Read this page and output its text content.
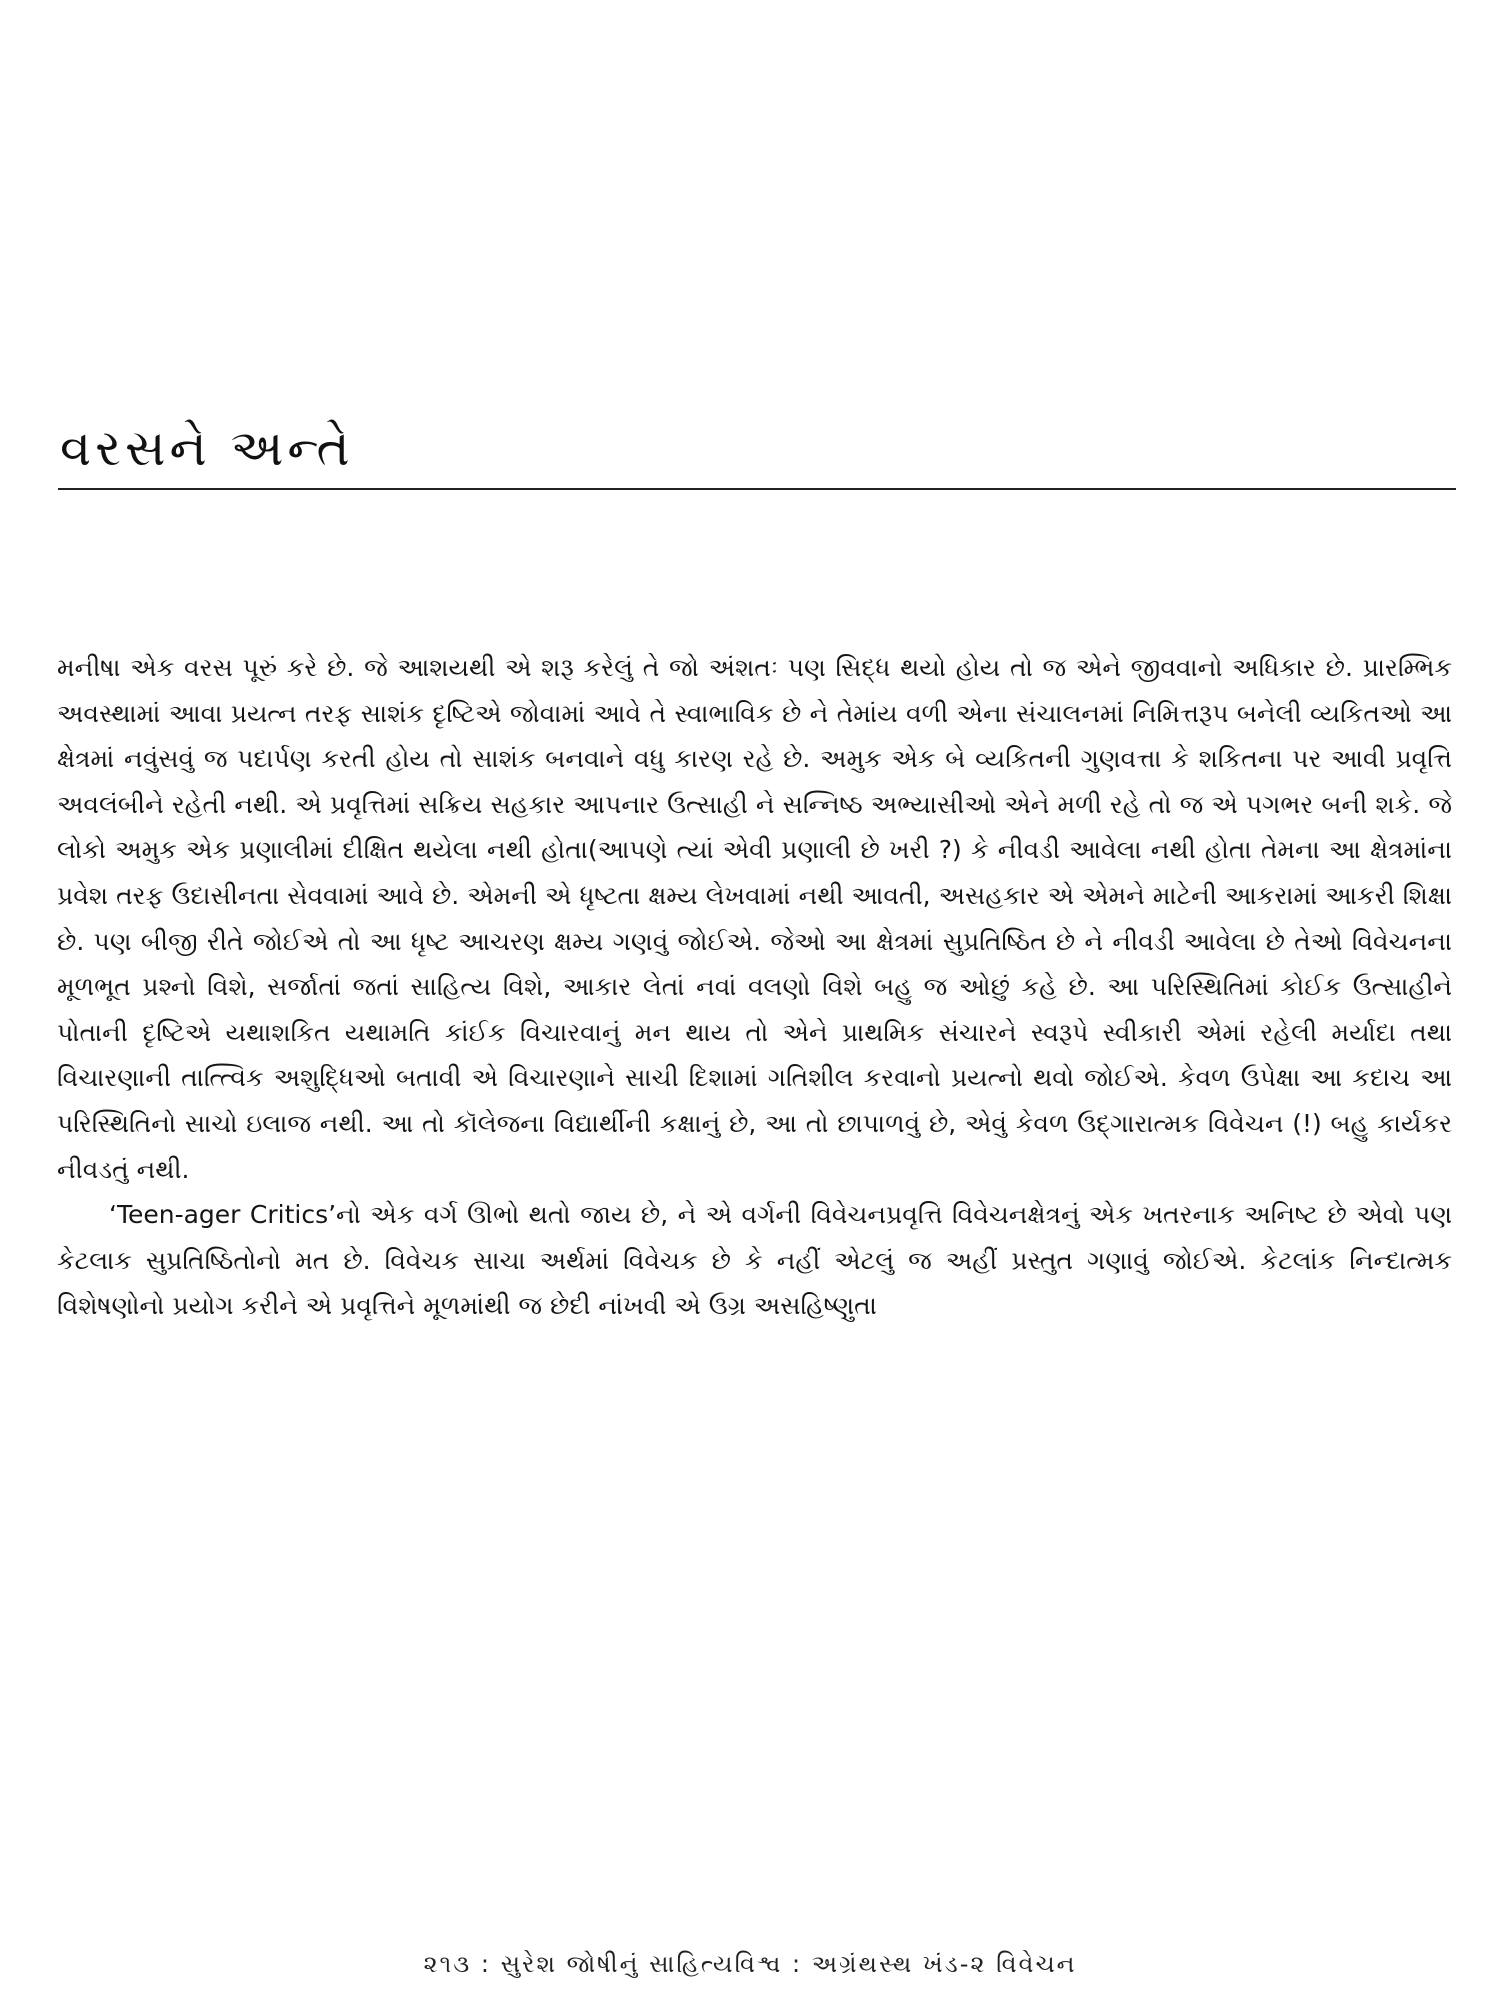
વરસને અન્તે

મનીષા એક વરસ પૂરું કરે છે. જે આશયથી એ શરૂ કરેલું તે જો અંશતઃ પણ સિદ્ધ થયો હોય તો જ એને જીવવાનો અધિકાર છે. પ્રારમ્ભિક અવસ્થામાં આવા પ્રયત્ન તરફ સાશંક દૃષ્ટિએ જોવામાં આવે તે સ્વાભાવિક છે ને તેમાંય વળી એના સંચાલનમાં નિમિત્તરૂપ બનેલી વ્યકિતઓ આ ક્ષેત્રમાં નવુંસવું જ પદાર્પણ કરતી હોય તો સાશંક બનવાને વધુ કારણ રહે છે. અમુક એક બે વ્યકિતની ગુણવત્તા કે શકિતના પર આવી પ્રવૃત્તિ અવલંબીને રહેતી નથી. એ પ્રવૃત્તિમાં સક્રિય સહકાર આપનાર ઉત્સાહી ને સન્નિષ્ઠ અભ્યાસીઓ એને મળી રહે તો જ એ પગભર બની શકે. જે લોકો અમુક એક પ્રણાલીમાં દીક્ષિત થયેલા નથી હોતા(આપણે ત્યાં એવી પ્રણાલી છે ખરી ?) કે નીવડી આવેલા નથી હોતા તેમના આ ક્ષેત્રમાંના પ્રવેશ તરફ ઉદાસીનતા સેવવામાં આવે છે. એમની એ ધૃષ્ટતા ક્ષમ્ય લેખવામાં નથી આવતી, અસહકાર એ એમને માટેની આકરામાં આકરી શિક્ષા છે. પણ બીજી રીતે જોઈએ તો આ ધૃષ્ટ આચરણ ક્ષમ્ય ગણવું જોઈએ. જેઓ આ ક્ષેત્રમાં સુપ્રતિષ્ઠિત છે ને નીવડી આવેલા છે તેઓ વિવેચનના મૂળભૂત પ્રશ્નો વિશે, સર્જાતાં જતાં સાહિત્ય વિશે, આકાર લેતાં નવાં વલણો વિશે બહુ જ ઓછું કહે છે. આ પરિસ્થિતિમાં કોઈક ઉત્સાહીને પોતાની દૃષ્ટિએ યથાશકિત યથામતિ કાંઈક વિચારવાનું મન થાય તો એને પ્રાથમિક સંચારને સ્વરૂપે સ્વીકારી એમાં રહેલી મર્યાદા તથા વિચારણાની તાત્ત્વિક અશુદ્ધિઓ બતાવી એ વિચારણાને સાચી દિશામાં ગતિશીલ કરવાનો પ્રયત્નો થવો જોઈએ. કેવળ ઉપેક્ષા આ કદાચ આ પરિસ્થિતિનો સાચો ઇલાજ નથી. આ તો કૉલેજના વિદ્યાર્થીની કક્ષાનું છે, આ તો છાપાળવું છે, એવું કેવળ ઉદ્ગારાત્મક વિવેચન (!) બહુ કાર્યકર નીવડતું નથી.

‘Teen-ager Critics’નો એક વર્ગ ઊભો થતો જાય છે, ને એ વર્ગની વિવેચનપ્રવૃત્તિ વિવેચનક્ષેત્રનું એક ખતરનાક અનિષ્ટ છે એવો પણ કેટલાક સુપ્રતિષ્ઠિતોનો મત છે. વિવેચક સાચા અર્થમાં વિવેચક છે કે નહીં એટલું જ અહીં પ્રસ્તુત ગણાવું જોઈએ. કેટલાંક નિન્દાત્મક વિશેષણોનો પ્રયોગ કરીને એ પ્રવૃત્તિને મૂળમાંથી જ છેદી નાંખવી એ ઉગ્ર અસહિષ્ણુતા

૨૧૩ : સુરેશ જોષીનું સાહિત્યવિશ્વ : અગ્રંથસ્થ ખંડ-૨ વિવેચન
